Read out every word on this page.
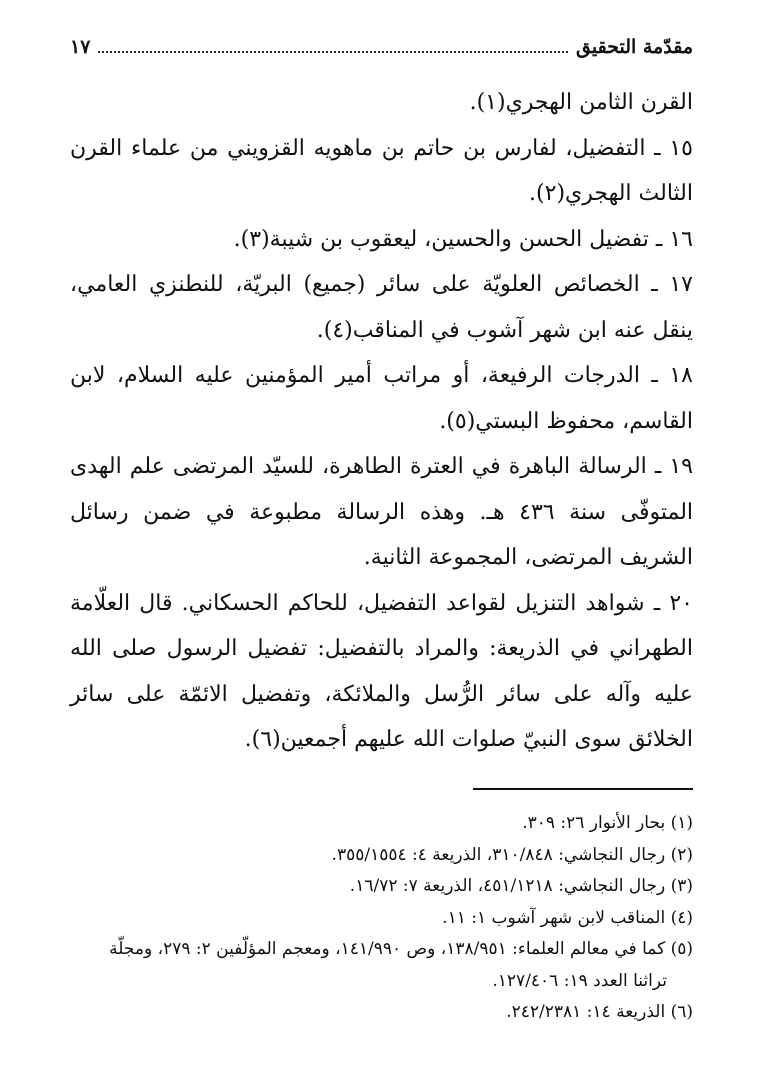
مقدّمة التحقيق
١٧

القرن الثامن الهجري(١).

١٥ ـ التفضيل، لفارس بن حاتم بن ماهويه القزويني من علماء القرن الثالث الهجري(٢).

١٦ ـ تفضيل الحسن والحسين، ليعقوب بن شيبة(٣).

١٧ ـ الخصائص العلويّة على سائر (جميع) البريّة، للنطنزي العامي، ينقل عنه ابن شهر آشوب في المناقب(٤).

١٨ ـ الدرجات الرفيعة، أو مراتب أمير المؤمنين عليه السلام، لابن القاسم، محفوظ البستي(٥).

١٩ ـ الرسالة الباهرة في العترة الطاهرة، للسيّد المرتضى علم الهدى المتوفّى سنة ٤٣٦ هـ. وهذه الرسالة مطبوعة في ضمن رسائل الشريف المرتضى، المجموعة الثانية.

٢٠ ـ شواهد التنزيل لقواعد التفضيل، للحاكم الحسكاني. قال العلّامة الطهراني في الذريعة: والمراد بالتفضيل: تفضيل الرسول صلى الله عليه وآله على سائر الرُّسل والملائكة، وتفضيل الائمّة على سائر الخلائق سوى النبيّ صلوات الله عليهم أجمعين(٦).

(١) بحار الأنوار ٢٦: ٣٠٩.

(٢) رجال النجاشي: ٣١٠/٨٤٨، الذريعة ٤: ٣٥٥/١٥٥٤.

(٣) رجال النجاشي: ٤٥١/١٢١٨، الذريعة ٧: ١٦/٧٢.

(٤) المناقب لابن شهر آشوب ١: ١١.

(٥) كما في معالم العلماء: ١٣٨/٩٥١، وص ١٤١/٩٩٠، ومعجم المؤلّفين ٢: ٢٧٩، ومجلّة
تراثنا العدد ١٩: ١٢٧/٤٠٦.

(٦) الذريعة ١٤: ٢٤٢/٢٣٨١.
